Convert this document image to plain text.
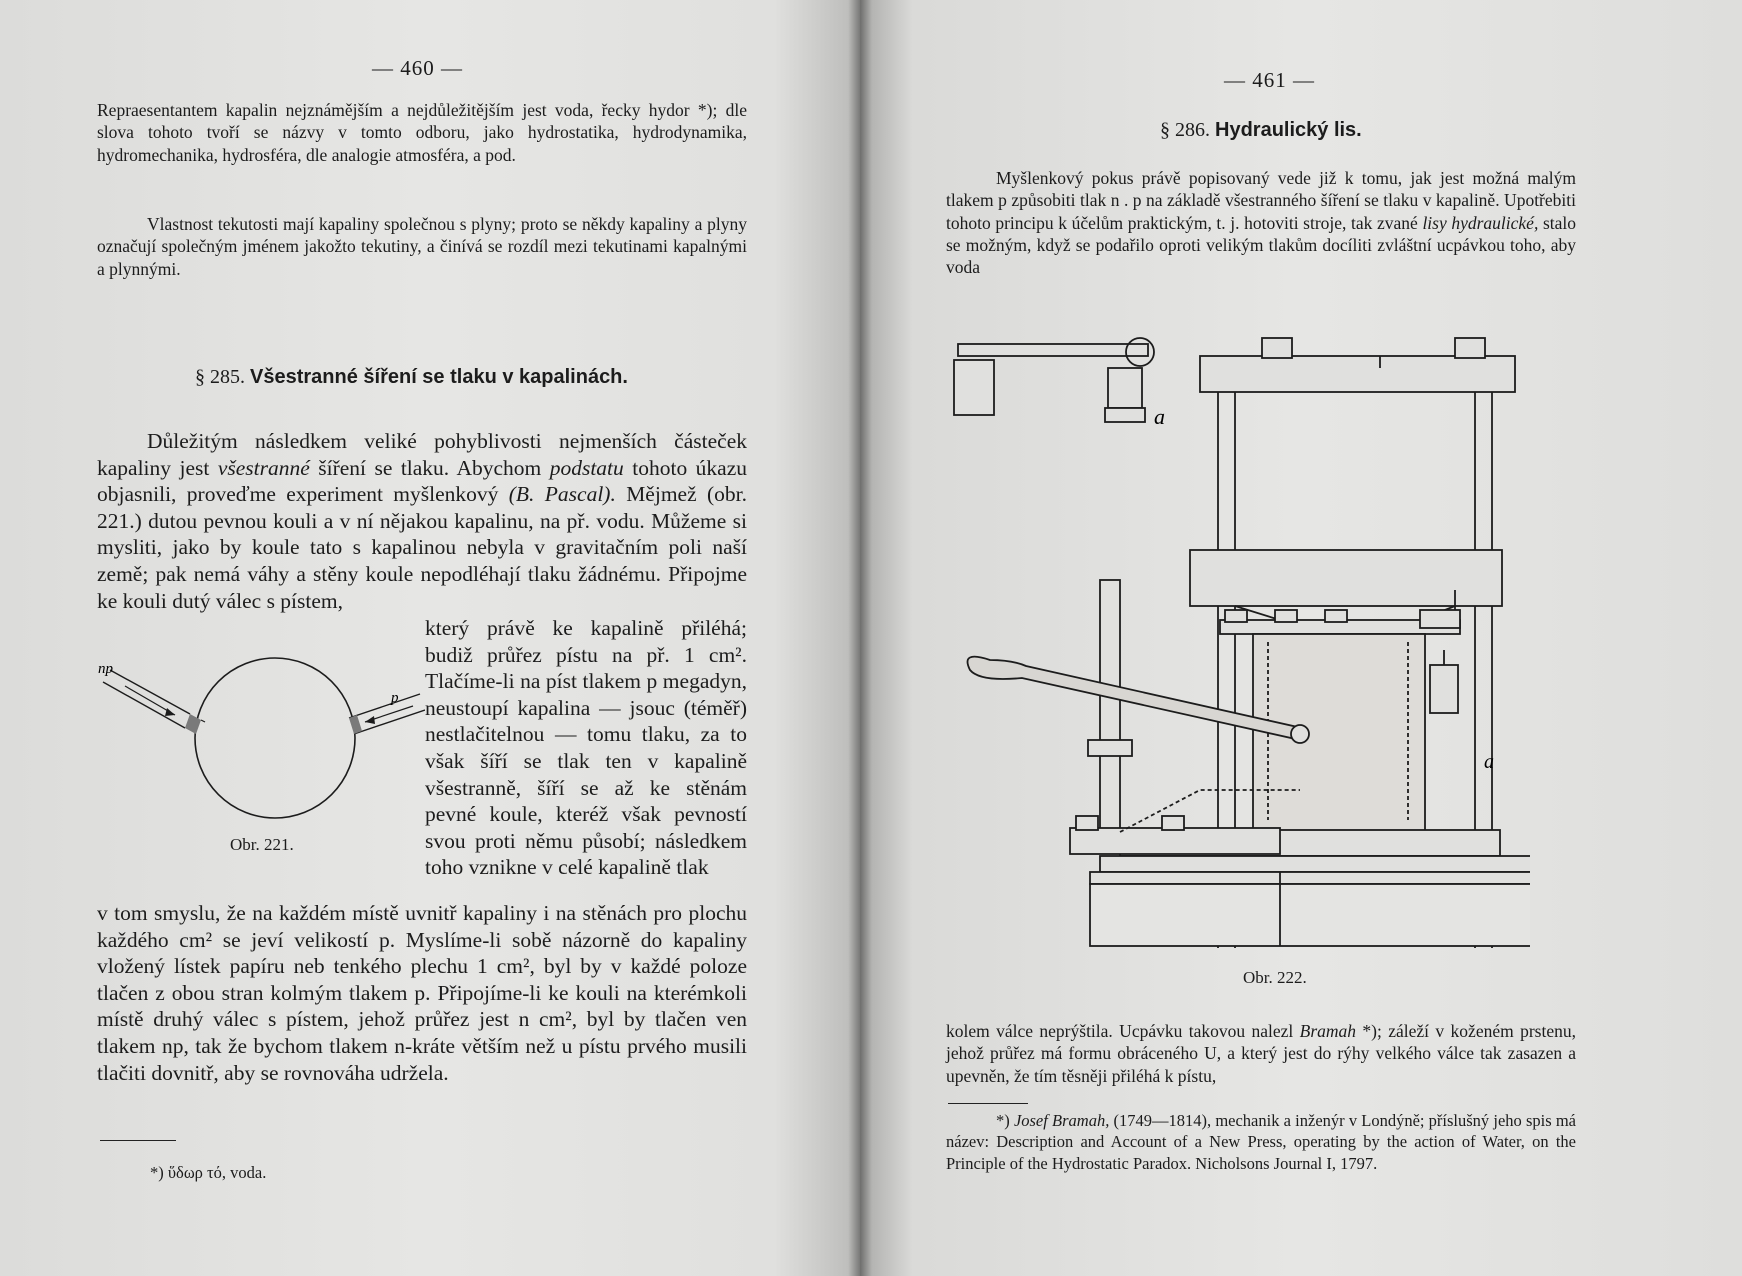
— 460 —

Repraesentantem kapalin nejznámějším a nejdůležitějším jest voda, řecky hydor *); dle slova tohoto tvoří se názvy v tomto odboru, jako hydrostatika, hydrodynamika, hydromechanika, hydrosféra, dle analogie atmosféra, a pod.

Vlastnost tekutosti mají kapaliny společnou s plyny; proto se někdy kapaliny a plyny označují společným jménem jakožto tekutiny, a činívá se rozdíl mezi tekutinami kapalnými a plynnými.

§ 285. Všestranné šíření se tlaku v kapalinách.

Důležitým následkem veliké pohyblivosti nejmenších částeček kapaliny jest všestranné šíření se tlaku. Abychom podstatu tohoto úkazu objasnili, proveďme experiment myšlenkový (B. Pascal). Mějmež (obr. 221.) dutou pevnou kouli a v ní nějakou kapalinu, na př. vodu. Můžeme si mysliti, jako by koule tato s kapalinou nebyla v gravitačním poli naší země; pak nemá váhy a stěny koule nepodléhají tlaku žádnému. Připojme ke kouli dutý válec s pístem,

který právě ke kapalině přiléhá; budiž průřez pístu na př. 1 cm². Tlačíme-li na píst tlakem p megadyn, neustoupí kapalina — jsouc (téměř) nestlačitelnou — tomu tlaku, za to však šíří se tlak ten v kapalině všestranně, šíří se až ke stěnám pevné koule, kteréž však pevností svou proti němu působí; následkem toho vznikne v celé kapalině tlak

np
p
Obr. 221.

v tom smyslu, že na každém místě uvnitř kapaliny i na stěnách pro plochu každého cm² se jeví velikostí p. Myslíme-li sobě názorně do kapaliny vložený lístek papíru neb tenkého plechu 1 cm², byl by v každé poloze tlačen z obou stran kolmým tlakem p. Připojíme-li ke kouli na kterémkoli místě druhý válec s pístem, jehož průřez jest n cm², byl by tlačen ven tlakem np, tak že bychom tlakem n-kráte větším než u pístu prvého musili tlačiti dovnitř, aby se rovnováha udržela.

*) ὕδωρ τό, voda.
— 461 —
§ 286. Hydraulický lis.

Myšlenkový pokus právě popisovaný vede již k tomu, jak jest možná malým tlakem p způsobiti tlak n . p na základě všestranného šíření se tlaku v kapalině. Upotřebiti tohoto principu k účelům praktickým, t. j. hotoviti stroje, tak zvané lisy hydraulické, stalo se možným, když se podařilo oproti velikým tlakům docíliti zvláštní ucpávkou toho, aby voda

a
a
Obr. 222.

kolem válce neprýštila. Ucpávku takovou nalezl Bramah *); záleží v koženém prstenu, jehož průřez má formu obráceného U, a který jest do rýhy velkého válce tak zasazen a upevněn, že tím těsněji přiléhá k pístu,

*) Josef Bramah, (1749—1814), mechanik a inženýr v Londýně; příslušný jeho spis má název: Description and Account of a New Press, operating by the action of Water, on the Principle of the Hydrostatic Paradox. Nicholsons Journal I, 1797.
